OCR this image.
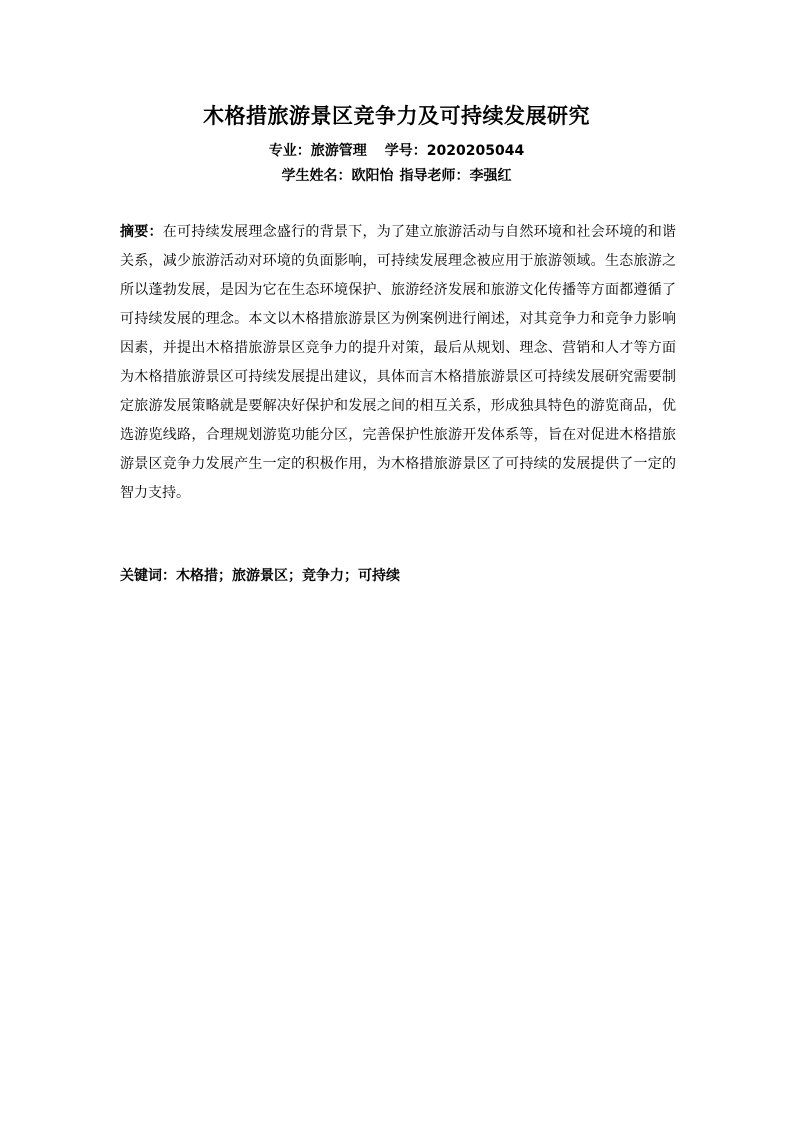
木格措旅游景区竞争力及可持续发展研究
专业：旅游管理 学号：2020205044
学生姓名：欧阳怡 指导老师：李强红
摘要：在可持续发展理念盛行的背景下，为了建立旅游活动与自然环境和社会环境的和谐关系，减少旅游活动对环境的负面影响，可持续发展理念被应用于旅游领域。生态旅游之所以蓬勃发展，是因为它在生态环境保护、旅游经济发展和旅游文化传播等方面都遵循了可持续发展的理念。本文以木格措旅游景区为例案例进行阐述，对其竞争力和竞争力影响因素，并提出木格措旅游景区竞争力的提升对策，最后从规划、理念、营销和人才等方面为木格措旅游景区可持续发展提出建议，具体而言木格措旅游景区可持续发展研究需要制定旅游发展策略就是要解决好保护和发展之间的相互关系，形成独具特色的游览商品，优选游览线路，合理规划游览功能分区，完善保护性旅游开发体系等，旨在对促进木格措旅游景区竞争力发展产生一定的积极作用，为木格措旅游景区了可持续的发展提供了一定的智力支持。
关键词：木格措；旅游景区；竞争力；可持续
